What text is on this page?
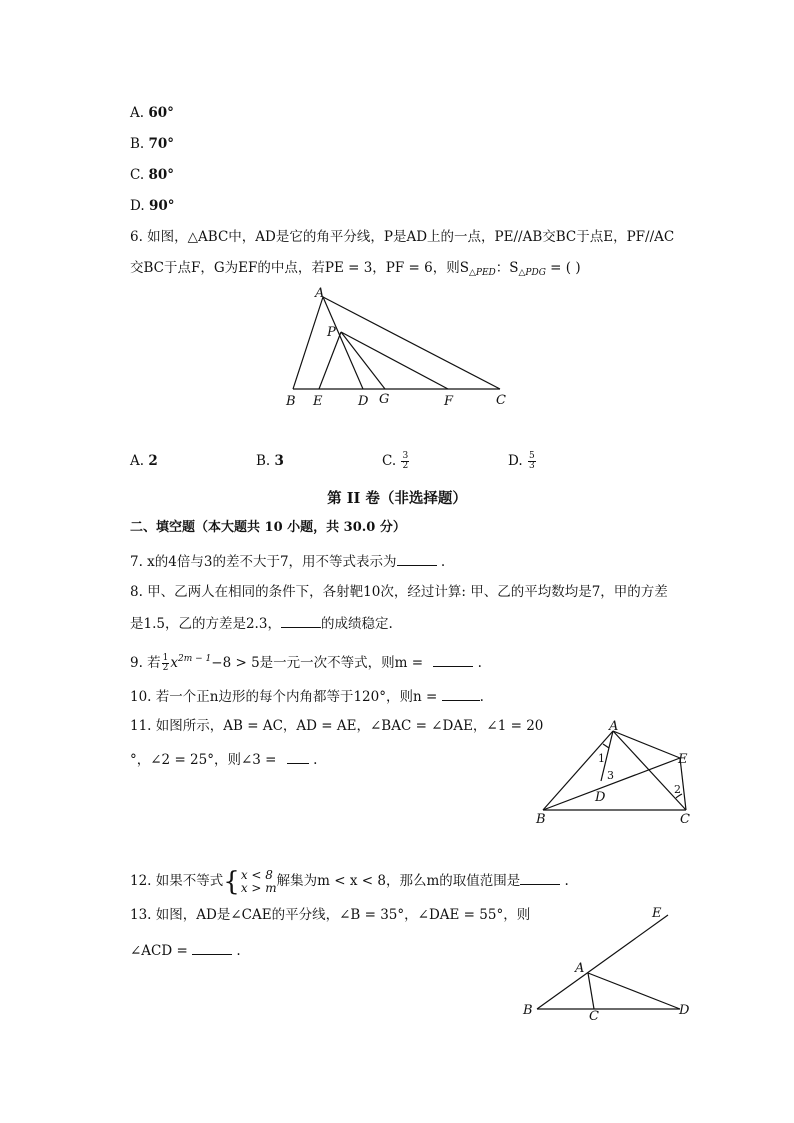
A. 60°
B. 70°
C. 80°
D. 90°
6. 如图，△ABC中，AD是它的角平分线，P是AD上的一点，PE//AB交BC于点E，PF//AC
交BC于点F，G为EF的中点，若PE = 3，PF = 6，则$S_{\triangle PED}$：$S_{\triangle PDG}$ = ( )
A
P
B E	D G	F	C
A. 2	B. 3	C. $\frac{3}{2}$	D. $\frac{5}{3}$
第 II 卷（非选择题）
二、填空题（本大题共 10 小题，共 30.0 分）
7. x的4倍与3的差不大于7，用不等式表示为	.
8. 甲、乙两人在相同的条件下，各射靶10次，经过计算: 甲、乙的平均数均是7，甲的方差
是1.5，乙的方差是2.3，	的成绩稳定.
9. 若 $\frac{1}{2} x^{2m - 1}-8 > 5$是一元一次不等式，则m =	.
10. 若一个正n边形的每个内角都等于120°，则n =	.
11. 如图所示，AB = AC，AD = AE，∠BAC = ∠DAE，∠1 = 20
°，∠2 = 25°，则∠3 =  .
A
E
D
B	C
1
3
2
12. 如果不等式{ x < 8
x > m 解集为m < x < 8，那么m的取值范围是	.
13. 如图，AD是∠CAE的平分线，∠B = 35°，∠DAE = 55°，则
∠ACD =	.
E
A
B	C	D
